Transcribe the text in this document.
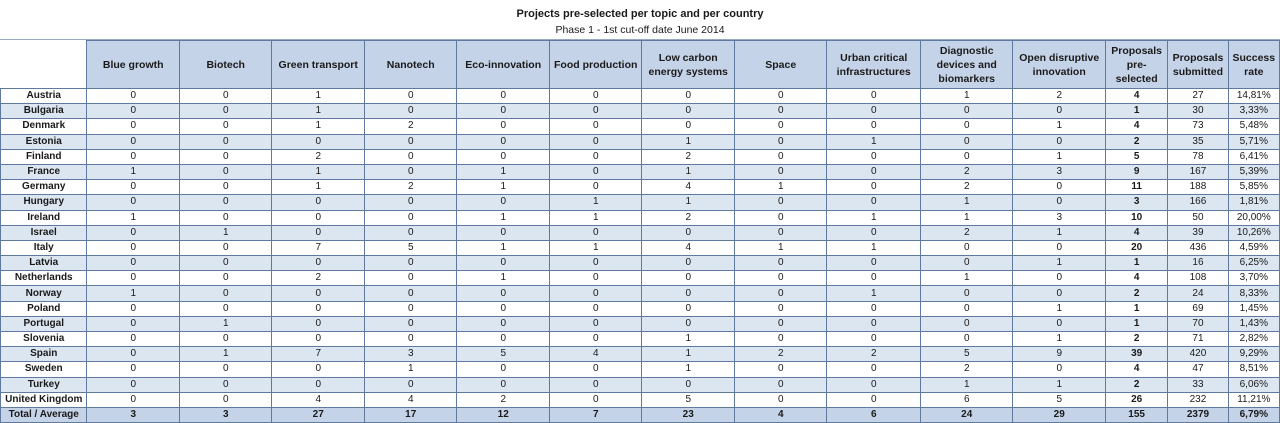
Projects pre-selected per topic and per country
Phase 1 - 1st cut-off date June 2014
	Blue growth	Biotech	Green transport	Nanotech	Eco-innovation	Food production	Low carbon energy systems	Space	Urban critical infrastructures	Diagnostic devices and biomarkers	Open disruptive innovation	Proposals pre-selected	Proposals submitted	Success rate
Austria	0	0	1	0	0	0	0	0	0	1	2	4	27	14,81%
Bulgaria	0	0	1	0	0	0	0	0	0	0	0	1	30	3,33%
Denmark	0	0	1	2	0	0	0	0	0	0	1	4	73	5,48%
Estonia	0	0	0	0	0	0	1	0	1	0	0	2	35	5,71%
Finland	0	0	2	0	0	0	2	0	0	0	1	5	78	6,41%
France	1	0	1	0	1	0	1	0	0	2	3	9	167	5,39%
Germany	0	0	1	2	1	0	4	1	0	2	0	11	188	5,85%
Hungary	0	0	0	0	0	1	1	0	0	1	0	3	166	1,81%
Ireland	1	0	0	0	1	1	2	0	1	1	3	10	50	20,00%
Israel	0	1	0	0	0	0	0	0	0	2	1	4	39	10,26%
Italy	0	0	7	5	1	1	4	1	1	0	0	20	436	4,59%
Latvia	0	0	0	0	0	0	0	0	0	0	1	1	16	6,25%
Netherlands	0	0	2	0	1	0	0	0	0	1	0	4	108	3,70%
Norway	1	0	0	0	0	0	0	0	1	0	0	2	24	8,33%
Poland	0	0	0	0	0	0	0	0	0	0	1	1	69	1,45%
Portugal	0	1	0	0	0	0	0	0	0	0	0	1	70	1,43%
Slovenia	0	0	0	0	0	0	1	0	0	0	1	2	71	2,82%
Spain	0	1	7	3	5	4	1	2	2	5	9	39	420	9,29%
Sweden	0	0	0	1	0	0	1	0	0	2	0	4	47	8,51%
Turkey	0	0	0	0	0	0	0	0	0	1	1	2	33	6,06%
United Kingdom	0	0	4	4	2	0	5	0	0	6	5	26	232	11,21%
Total / Average	3	3	27	17	12	7	23	4	6	24	29	155	2379	6,79%
